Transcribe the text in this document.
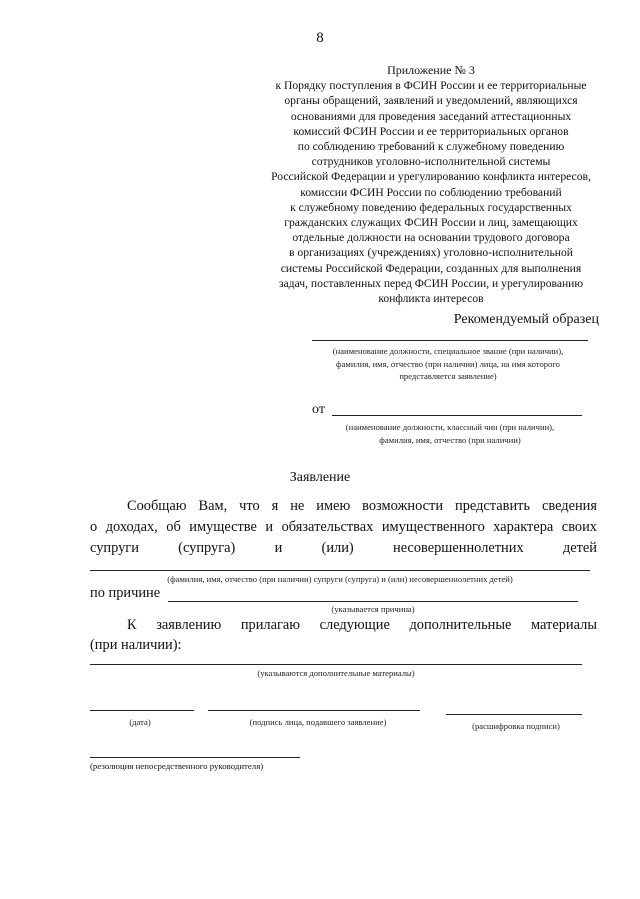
8
Приложение № 3
к Порядку поступления в ФСИН России и ее территориальные
органы обращений, заявлений и уведомлений, являющихся
основаниями для проведения заседаний аттестационных
комиссий ФСИН России и ее территориальных органов
по соблюдению требований к служебному поведению
сотрудников уголовно-исполнительной системы
Российской Федерации и урегулированию конфликта интересов,
комиссии ФСИН России по соблюдению требований
к служебному поведению федеральных государственных
гражданских служащих ФСИН России и лиц, замещающих
отдельные должности на основании трудового договора
в организациях (учреждениях) уголовно-исполнительной
системы Российской Федерации, созданных для выполнения
задач, поставленных перед ФСИН России, и урегулированию
конфликта интересов
Рекомендуемый образец
(наименование должности, специальное звание (при наличии),
фамилия, имя, отчество (при наличии) лица, на имя которого
представляется заявление)
от
(наименование должности, классный чин (при наличии),
фамилия, имя, отчество (при наличии)
Заявление
Сообщаю Вам, что я не имею возможности представить сведения
о доходах, об имуществе и обязательствах имущественного характера своих
супруги (супруга) и (или) несовершеннолетних детей
(фамилия, имя, отчество (при наличии) супруги (супруга) и (или) несовершеннолетних детей)
по причине
(указывается причина)
К заявлению прилагаю следующие дополнительные материалы
(при наличии):
(указываются дополнительные материалы)
(дата)	(подпись лица, подавшего заявление)	(расшифровка подписи)
(резолюция непосредственного руководителя)
